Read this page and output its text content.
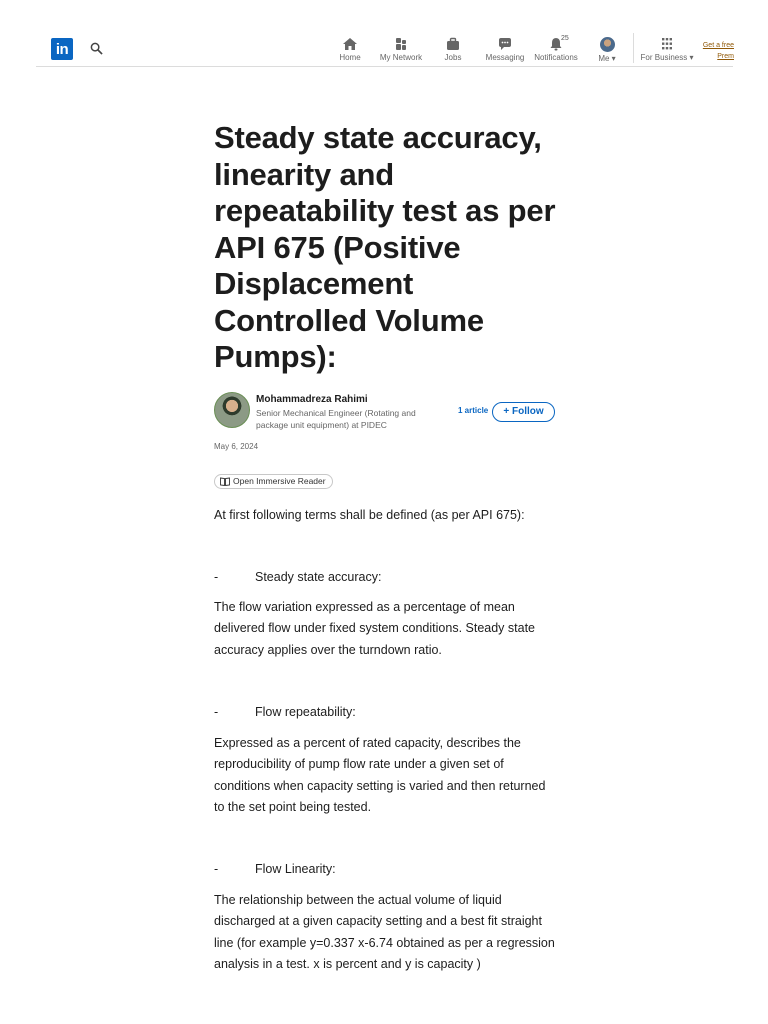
in	Home	My Network	Jobs	Messaging
25
Notifications	Me ▾	For Business ▾
Get a free
Prem
Steady state accuracy, linearity and repeatability test as per API 675 (Positive Displacement Controlled Volume Pumps):
Mohammadreza Rahimi
Senior Mechanical Engineer (Rotating and package unit equipment) at PIDEC
1 article	+ Follow
May 6, 2024
Open Immersive Reader

At first following terms shall be defined (as per API 675):

-	Steady state accuracy:

The flow variation expressed as a percentage of mean delivered flow under fixed system conditions. Steady state accuracy applies over the turndown ratio.

-	Flow repeatability:

Expressed as a percent of rated capacity, describes the reproducibility of pump flow rate under a given set of conditions when capacity setting is varied and then returned to the set point being tested.

-	Flow Linearity:

The relationship between the actual volume of liquid discharged at a given capacity setting and a best fit straight line (for example y=0.337 x-6.74 obtained as per a regression analysis in a test. x is percent and y is capacity )
